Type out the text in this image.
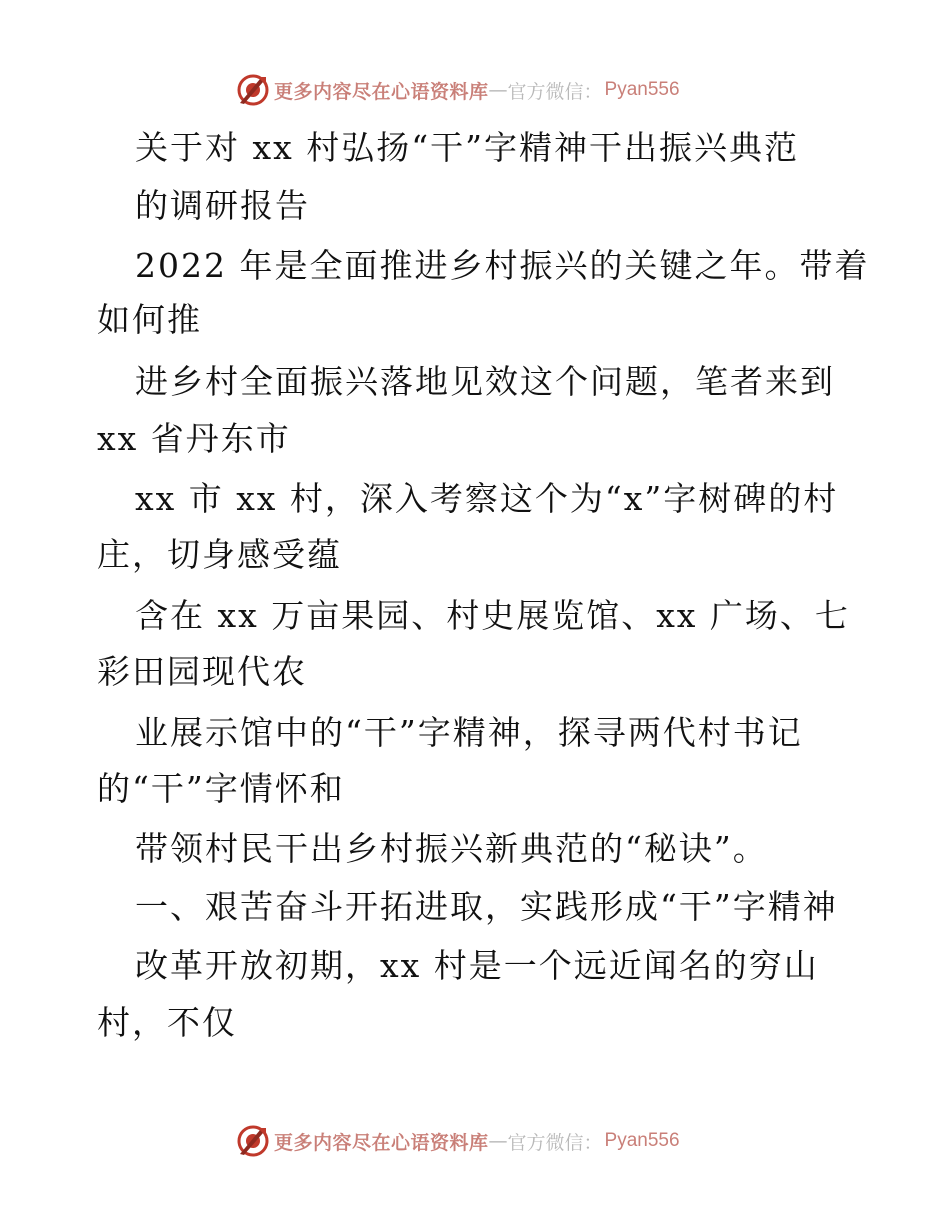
更多内容尽在心语资料库 — 官方微信： Pyan556
关于对 xx 村弘扬“干”字精神干出振兴典范
的调研报告
2022 年是全面推进乡村振兴的关键之年。带着
如何推
进乡村全面振兴落地见效这个问题，笔者来到
xx 省丹东市
xx 市 xx 村，深入考察这个为“x”字树碑的村
庄，切身感受蕴
含在 xx 万亩果园、村史展览馆、xx 广场、七
彩田园现代农
业展示馆中的“干”字精神，探寻两代村书记
的“干”字情怀和
带领村民干出乡村振兴新典范的“秘诀”。
一、艰苦奋斗开拓进取，实践形成“干”字精神
改革开放初期，xx 村是一个远近闻名的穷山
村，不仅
更多内容尽在心语资料库 — 官方微信： Pyan556
